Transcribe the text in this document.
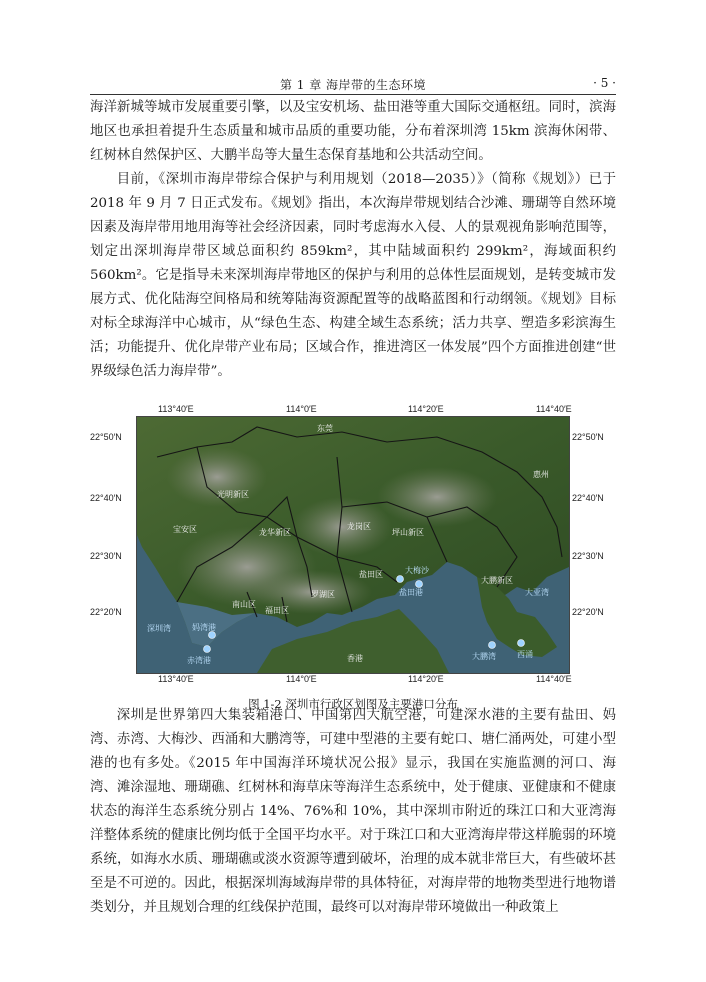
第 1 章 海岸带的生态环境	· 5 ·

海洋新城等城市发展重要引擎，以及宝安机场、盐田港等重大国际交通枢纽。同时，滨海地区也承担着提升生态质量和城市品质的重要功能，分布着深圳湾 15km 滨海休闲带、红树林自然保护区、大鹏半岛等大量生态保育基地和公共活动空间。

目前，《深圳市海岸带综合保护与利用规划（2018—2035）》（简称《规划》）已于 2018 年 9 月 7 日正式发布。《规划》指出，本次海岸带规划结合沙滩、珊瑚等自然环境因素及海岸带用地用海等社会经济因素，同时考虑海水入侵、人的景观视角影响范围等，划定出深圳海岸带区域总面积约 859km²，其中陆域面积约 299km²，海域面积约 560km²。它是指导未来深圳海岸带地区的保护与利用的总体性层面规划，是转变城市发展方式、优化陆海空间格局和统筹陆海资源配置等的战略蓝图和行动纲领。《规划》目标对标全球海洋中心城市，从“绿色生态、构建全域生态系统；活力共享、塑造多彩滨海生活；功能提升、优化岸带产业布局；区域合作，推进湾区一体发展”四个方面推进创建“世界级绿色活力海岸带”。

113°40′E	114°0′E	114°20′E	114°40′E
113°40′E	114°0′E	114°20′E	114°40′E
22°50′N
22°40′N
22°30′N
22°20′N
22°50′N
22°40′N
22°30′N
22°20′N
光明新区
宝安区	龙华新区
龙岗区
坪山新区
南山区
福田区
罗湖区
盐田区
大鹏新区
深圳湾
大亚湾
大梅沙
妈湾港
赤湾港
盐田港
大鹏湾	西涌
东莞
惠州
香港
图 1-2 深圳市行政区划图及主要港口分布

深圳是世界第四大集装箱港口、中国第四大航空港，可建深水港的主要有盐田、妈湾、赤湾、大梅沙、西涌和大鹏湾等，可建中型港的主要有蛇口、塘仁涌两处，可建小型港的也有多处。《2015 年中国海洋环境状况公报》显示，我国在实施监测的河口、海湾、滩涂湿地、珊瑚礁、红树林和海草床等海洋生态系统中，处于健康、亚健康和不健康状态的海洋生态系统分别占 14%、76%和 10%，其中深圳市附近的珠江口和大亚湾海洋整体系统的健康比例均低于全国平均水平。对于珠江口和大亚湾海岸带这样脆弱的环境系统，如海水水质、珊瑚礁或淡水资源等遭到破坏，治理的成本就非常巨大，有些破坏甚至是不可逆的。因此，根据深圳海域海岸带的具体特征，对海岸带的地物类型进行地物谱类划分，并且规划合理的红线保护范围，最终可以对海岸带环境做出一种政策上
